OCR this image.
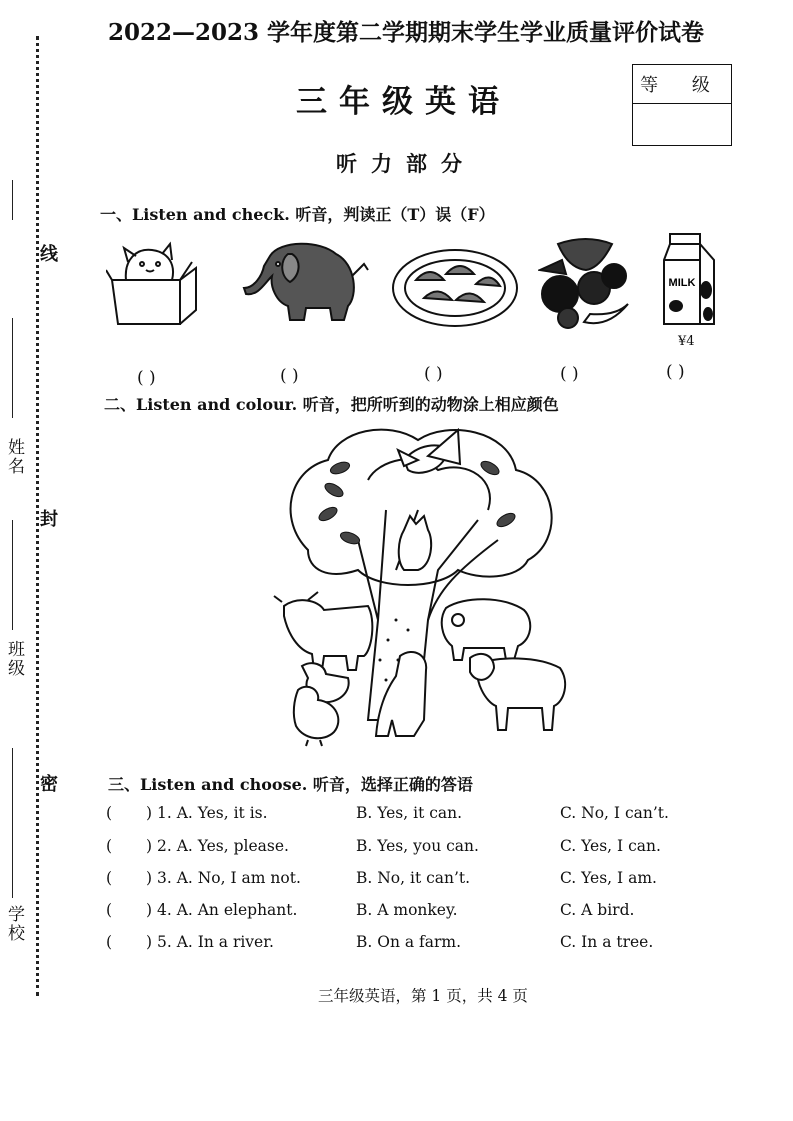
姓名
班级
学校
线
封
密
2022—2023 学年度第二学期期末学生学业质量评价试卷
三年级英语	等 级
听力部分
一、Listen and check. 听音，判读正（T）误（F）
MILK
¥4
( )	( )	( )	( )	( )
二、Listen and colour. 听音，把所听到的动物涂上相应颜色
三、Listen and choose. 听音，选择正确的答语
( ) 1. A. Yes, it is.	B. Yes, it can.	C. No, I can’t.
( ) 2. A. Yes, please.	B. Yes, you can.	C. Yes, I can.
( ) 3. A. No, I am not.	B. No, it can’t.	C. Yes, I am.
( ) 4. A. An elephant.	B. A monkey.	C. A bird.
( ) 5. A. In a river.	B. On a farm.	C. In a tree.
三年级英语，第 1 页，共 4 页
